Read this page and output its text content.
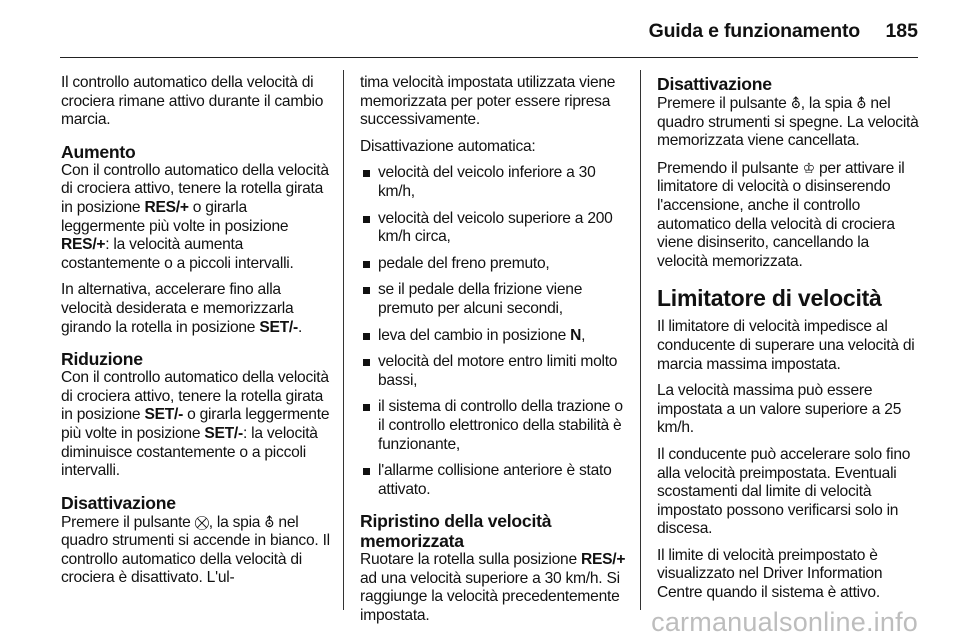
Guida e funzionamento 185

Il controllo automatico della velocità di crociera rimane attivo durante il cambio marcia.

Aumento

Con il controllo automatico della velocità di crociera attivo, tenere la rotella girata in posizione RES/+ o girarla leggermente più volte in posizione RES/+: la velocità aumenta costantemente o a piccoli intervalli.

In alternativa, accelerare fino alla velocità desiderata e memorizzarla girando la rotella in posizione SET/-.

Riduzione

Con il controllo automatico della velocità di crociera attivo, tenere la rotella girata in posizione SET/- o girarla leggermente più volte in posizione SET/-: la velocità diminuisce costantemente o a piccoli intervalli.

Disattivazione

Premere il pulsante ⛒, la spia ⛢ nel quadro strumenti si accende in bianco. Il controllo automatico della velocità di crociera è disattivato. L'ul-

tima velocità impostata utilizzata viene memorizzata per poter essere ripresa successivamente.

Disattivazione automatica:

velocità del veicolo inferiore a 30 km/h,
velocità del veicolo superiore a 200 km/h circa,
pedale del freno premuto,
se il pedale della frizione viene premuto per alcuni secondi,
leva del cambio in posizione N,
velocità del motore entro limiti molto bassi,
il sistema di controllo della trazione o il controllo elettronico della stabilità è funzionante,
l'allarme collisione anteriore è stato attivato.
Ripristino della velocità memorizzata

Ruotare la rotella sulla posizione RES/+ ad una velocità superiore a 30 km/h. Si raggiunge la velocità precedentemente impostata.

Disattivazione

Premere il pulsante ⛢, la spia ⛢ nel quadro strumenti si spegne. La velocità memorizzata viene cancellata.

Premendo il pulsante ♔ per attivare il limitatore di velocità o disinserendo l'accensione, anche il controllo automatico della velocità di crociera viene disinserito, cancellando la velocità memorizzata.

Limitatore di velocità

Il limitatore di velocità impedisce al conducente di superare una velocità di marcia massima impostata.

La velocità massima può essere impostata a un valore superiore a 25 km/h.

Il conducente può accelerare solo fino alla velocità preimpostata. Eventuali scostamenti dal limite di velocità impostato possono verificarsi solo in discesa.

Il limite di velocità preimpostato è visualizzato nel Driver Information Centre quando il sistema è attivo.

carmanualsonline.info
